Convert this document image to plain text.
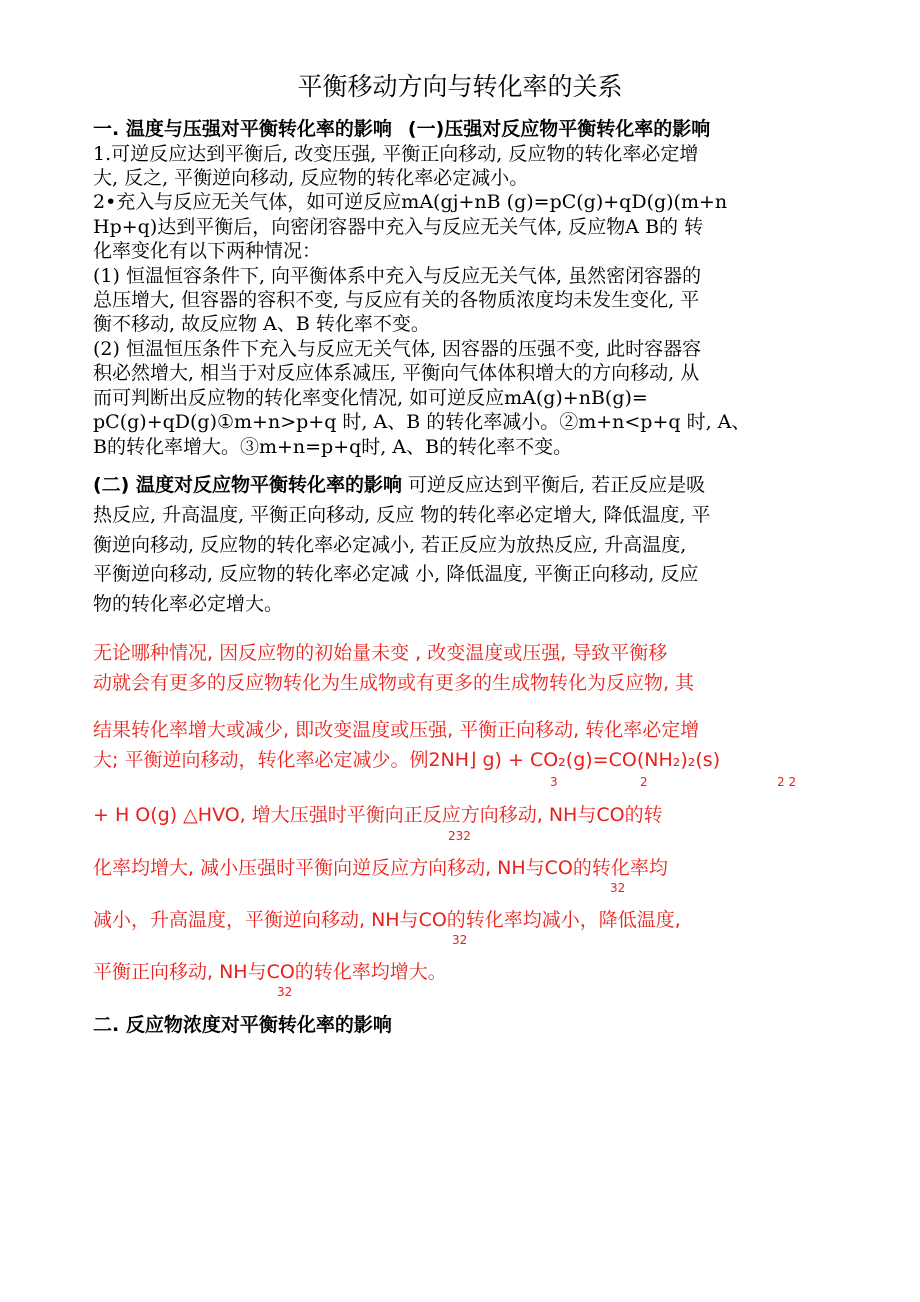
平衡移动方向与转化率的关系
一. 温度与压强对平衡转化率的影响 (一)压强对反应物平衡转化率的影响
1.可逆反应达到平衡后, 改变压强, 平衡正向移动, 反应物的转化率必定增
大, 反之, 平衡逆向移动, 反应物的转化率必定减小。
2•充入与反应无关气体，如可逆反应mA(gj+nB (g)=pC(g)+qD(g)(m+n
Hp+q)达到平衡后，向密闭容器中充入与反应无关气体, 反应物A B的 转
化率变化有以下两种情况：
(1) 恒温恒容条件下, 向平衡体系中充入与反应无关气体, 虽然密闭容器的
总压增大, 但容器的容积不变, 与反应有关的各物质浓度均未发生变化, 平
衡不移动, 故反应物 A、B 转化率不变。
(2) 恒温恒压条件下充入与反应无关气体, 因容器的压强不变, 此时容器容
积必然增大, 相当于对反应体系减压, 平衡向气体体积增大的方向移动, 从
而可判断出反应物的转化率变化情况, 如可逆反应mA(g)+nB(g)=
pC(g)+qD(g)①m+n>p+q 时, A、B 的转化率减小。②m+n<p+q 时, A、
B的转化率增大。③m+n=p+q时, A、B的转化率不变。
(二) 温度对反应物平衡转化率的影响 可逆反应达到平衡后, 若正反应是吸
热反应, 升高温度, 平衡正向移动, 反应 物的转化率必定增大, 降低温度, 平
衡逆向移动, 反应物的转化率必定减小, 若正反应为放热反应, 升高温度,
平衡逆向移动, 反应物的转化率必定减 小, 降低温度, 平衡正向移动, 反应
物的转化率必定增大。
无论哪种情况, 因反应物的初始量未变 , 改变温度或压强, 导致平衡移
动就会有更多的反应物转化为生成物或有更多的生成物转化为反应物, 其
结果转化率增大或减少, 即改变温度或压强, 平衡正向移动, 转化率必定增
大; 平衡逆向移动，转化率必定减少。例2NH⌋ g) + CO₂(g)=CO(NH₂)₂(s)
3	2	2 2
+ H O(g) △HVO, 增大压强时平衡向正反应方向移动, NH与CO的转
232
化率均增大, 减小压强时平衡向逆反应方向移动, NH与CO的转化率均
32
减小，升高温度，平衡逆向移动, NH与CO的转化率均减小，降低温度,
32
平衡正向移动, NH与CO的转化率均增大。
32
二. 反应物浓度对平衡转化率的影响
